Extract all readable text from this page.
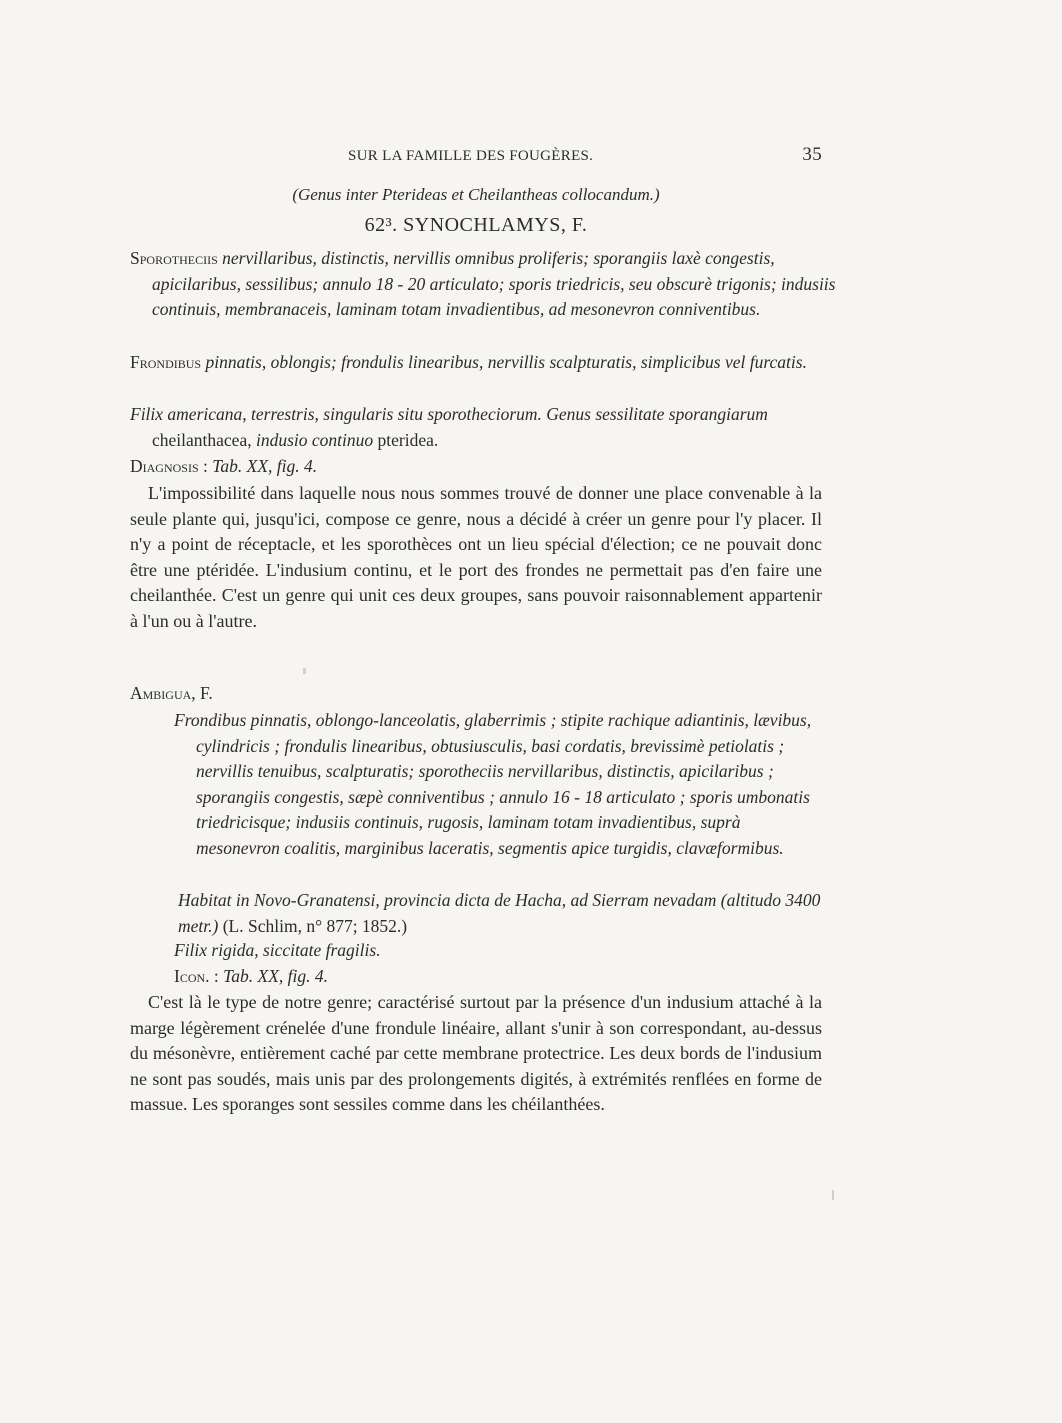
SUR LA FAMILLE DES FOUGÈRES.	35
(Genus inter Pterideas et Cheilantheas collocandum.)
62³. SYNOCHLAMYS, F.
Sporotheciis nervillaribus, distinctis, nervillis omnibus proliferis; sporangiis laxè congestis, apicilaribus, sessilibus; annulo 18 - 20 articulato; sporis triedricis, seu obscurè trigonis; indusiis continuis, membranaceis, laminam totam invadientibus, ad mesonevron conniventibus.
Frondibus pinnatis, oblongis; frondulis linearibus, nervillis scalpturatis, simplicibus vel furcatis.
Filix americana, terrestris, singularis situ sporotheciorum. Genus sessilitate sporangiarum cheilanthacea, indusio continuo pteridea.
Diagnosis : Tab. XX, fig. 4.
L'impossibilité dans laquelle nous nous sommes trouvé de donner une place convenable à la seule plante qui, jusqu'ici, compose ce genre, nous a décidé à créer un genre pour l'y placer. Il n'y a point de réceptacle, et les sporothèces ont un lieu spécial d'élection; ce ne pouvait donc être une ptéridée. L'indusium continu, et le port des frondes ne permettait pas d'en faire une cheilanthée. C'est un genre qui unit ces deux groupes, sans pouvoir raisonnablement appartenir à l'un ou à l'autre.
Ambigua, F.
Frondibus pinnatis, oblongo-lanceolatis, glaberrimis ; stipite rachique adiantinis, lævibus, cylindricis ; frondulis linearibus, obtusiusculis, basi cordatis, brevissimè petiolatis ; nervillis tenuibus, scalpturatis; sporotheciis nervillaribus, distinctis, apicilaribus ; sporangiis congestis, sæpè conniventibus ; annulo 16 - 18 articulato ; sporis umbonatis triedricisque; indusiis continuis, rugosis, laminam totam invadientibus, suprà mesonevron coalitis, marginibus laceratis, segmentis apice turgidis, clavæformibus.
Habitat in Novo-Granatensi, provincia dicta de Hacha, ad Sierram nevadam (altitudo 3400 metr.) (L. Schlim, n° 877; 1852.)
Filix rigida, siccitate fragilis.
Icon. : Tab. XX, fig. 4.
C'est là le type de notre genre; caractérisé surtout par la présence d'un indusium attaché à la marge légèrement crénelée d'une frondule linéaire, allant s'unir à son correspondant, au-dessus du mésonèvre, entièrement caché par cette membrane protectrice. Les deux bords de l'indusium ne sont pas soudés, mais unis par des prolongements digités, à extrémités renflées en forme de massue. Les sporanges sont sessiles comme dans les chéilanthées.
